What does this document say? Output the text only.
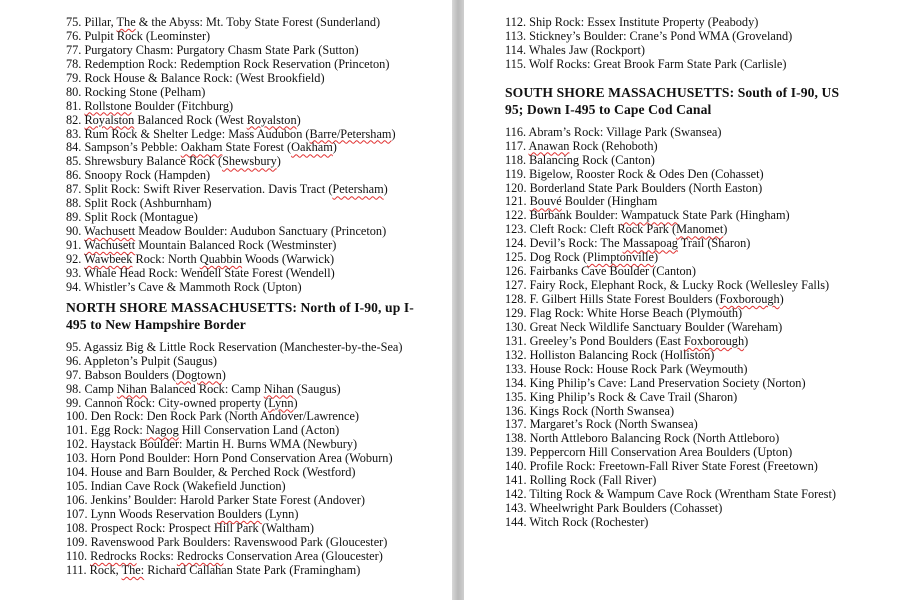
75. Pillar, The & the Abyss: Mt. Toby State Forest (Sunderland)
76. Pulpit Rock (Leominster)
77. Purgatory Chasm: Purgatory Chasm State Park (Sutton)
78. Redemption Rock: Redemption Rock Reservation (Princeton)
79. Rock House & Balance Rock: (West Brookfield)
80. Rocking Stone (Pelham)
81. Rollstone Boulder (Fitchburg)
82. Royalston Balanced Rock (West Royalston)
83. Rum Rock & Shelter Ledge: Mass Audubon (Barre/Petersham)
84. Sampson’s Pebble: Oakham State Forest (Oakham)
85. Shrewsbury Balance Rock (Shewsbury)
86. Snoopy Rock (Hampden)
87. Split Rock: Swift River Reservation. Davis Tract (Petersham)
88. Split Rock (Ashburnham)
89. Split Rock (Montague)
90. Wachusett Meadow Boulder: Audubon Sanctuary (Princeton)
91. Wachusett Mountain Balanced Rock (Westminster)
92. Wawbeek Rock: North Quabbin Woods (Warwick)
93. Whale Head Rock: Wendell State Forest (Wendell)
94. Whistler’s Cave & Mammoth Rock (Upton)
NORTH SHORE MASSACHUSETTS: North of I-90, up I-495 to New Hampshire Border
95. Agassiz Big & Little Rock Reservation (Manchester-by-the-Sea)
96. Appleton’s Pulpit (Saugus)
97. Babson Boulders (Dogtown)
98. Camp Nihan Balanced Rock: Camp Nihan (Saugus)
99. Cannon Rock: City-owned property (Lynn)
100. Den Rock: Den Rock Park (North Andover/Lawrence)
101. Egg Rock: Nagog Hill Conservation Land (Acton)
102. Haystack Boulder: Martin H. Burns WMA (Newbury)
103. Horn Pond Boulder: Horn Pond Conservation Area (Woburn)
104. House and Barn Boulder, & Perched Rock (Westford)
105. Indian Cave Rock (Wakefield Junction)
106. Jenkins’ Boulder: Harold Parker State Forest (Andover)
107. Lynn Woods Reservation Boulders (Lynn)
108. Prospect Rock: Prospect Hill Park (Waltham)
109. Ravenswood Park Boulders: Ravenswood Park (Gloucester)
110. Redrocks Rocks: Redrocks Conservation Area (Gloucester)
111. Rock, The: Richard Callahan State Park (Framingham)
112. Ship Rock: Essex Institute Property (Peabody)
113. Stickney’s Boulder: Crane’s Pond WMA (Groveland)
114. Whales Jaw (Rockport)
115. Wolf Rocks: Great Brook Farm State Park (Carlisle)
SOUTH SHORE MASSACHUSETTS: South of I-90, US 95; Down I-495 to Cape Cod Canal
116. Abram’s Rock: Village Park (Swansea)
117. Anawan Rock (Rehoboth)
118. Balancing Rock (Canton)
119. Bigelow, Rooster Rock & Odes Den (Cohasset)
120. Borderland State Park Boulders (North Easton)
121. Bouvé Boulder (Hingham
122. Burbank Boulder: Wampatuck State Park (Hingham)
123. Cleft Rock: Cleft Rock Park (Manomet)
124. Devil’s Rock: The Massapoag Trail (Sharon)
125. Dog Rock (Plimptonville)
126. Fairbanks Cave Boulder (Canton)
127. Fairy Rock, Elephant Rock, & Lucky Rock (Wellesley Falls)
128. F. Gilbert Hills State Forest Boulders (Foxborough)
129. Flag Rock: White Horse Beach (Plymouth)
130. Great Neck Wildlife Sanctuary Boulder (Wareham)
131. Greeley’s Pond Boulders (East Foxborough)
132. Holliston Balancing Rock (Holliston)
133. House Rock: House Rock Park (Weymouth)
134. King Philip’s Cave: Land Preservation Society (Norton)
135. King Philip’s Rock & Cave Trail (Sharon)
136. Kings Rock (North Swansea)
137. Margaret’s Rock (North Swansea)
138. North Attleboro Balancing Rock (North Attleboro)
139. Peppercorn Hill Conservation Area Boulders (Upton)
140. Profile Rock: Freetown-Fall River State Forest (Freetown)
141. Rolling Rock (Fall River)
142. Tilting Rock & Wampum Cave Rock (Wrentham State Forest)
143. Wheelwright Park Boulders (Cohasset)
144. Witch Rock (Rochester)
